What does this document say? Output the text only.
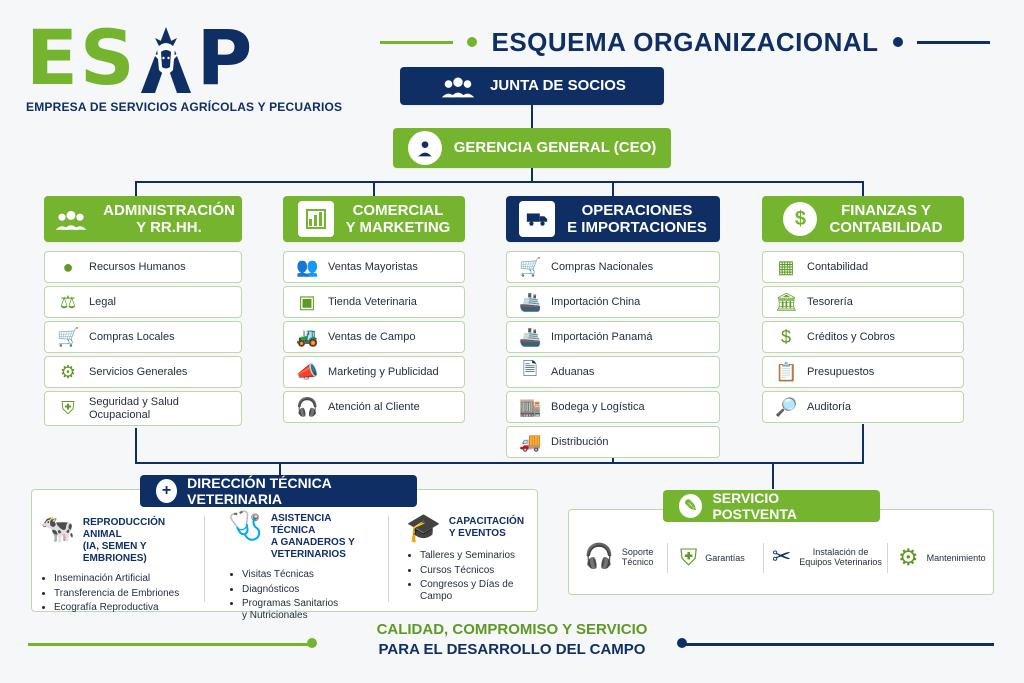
E S P
EMPRESA DE SERVICIOS AGRÍCOLAS Y PECUARIOS
ESQUEMA ORGANIZACIONAL
JUNTA DE SOCIOS
GERENCIA GENERAL (CEO)
ADMINISTRACIÓN
Y RR.HH.
COMERCIAL
Y MARKETING
OPERACIONES
E IMPORTACIONES	$	FINANZAS Y
CONTABILIDAD
●	Recursos Humanos
⚖ Legal
🛒 Compras Locales
⚙ Servicios Generales
⛨	Seguridad y Salud
Ocupacional
👥 Ventas Mayoristas
▣ Tienda Veterinaria
🚜 Ventas de Campo
📣 Marketing y Publicidad
🎧 Atención al Cliente
🛒 Compras Nacionales
🚢 Importación China
🚢 Importación Panamá
🗎	Aduanas
🏬 Bodega y Logística
🚚 Distribución
▦ Contabilidad
🏛 Tesorería
$	Créditos y Cobros
📋 Presupuestos
🔎 Auditoría
+	DIRECCIÓN TÉCNICA VETERINARIA
🐄 REPRODUCCIÓN ANIMAL
(IA, SEMEN Y EMBRIONES)
• Inseminación Artificial
• Transferencia de Embriones
• Ecografía Reproductiva
🩺 ASISTENCIA TÉCNICA
A GANADEROS Y
VETERINARIOS
• Visitas Técnicas
• Diagnósticos
• Programas Sanitarios
y Nutricionales
🎓 CAPACITACIÓN
Y EVENTOS
• Talleres y Seminarios
• Cursos Técnicos
• Congresos y Días de Campo
✎	SERVICIO POSTVENTA
🎧 Soporte
Técnico ⛨ Garantías ✂	Instalación de
Equipos Veterinarios ⚙ Mantenimiento
CALIDAD, COMPROMISO Y SERVICIO
PARA EL DESARROLLO DEL CAMPO
